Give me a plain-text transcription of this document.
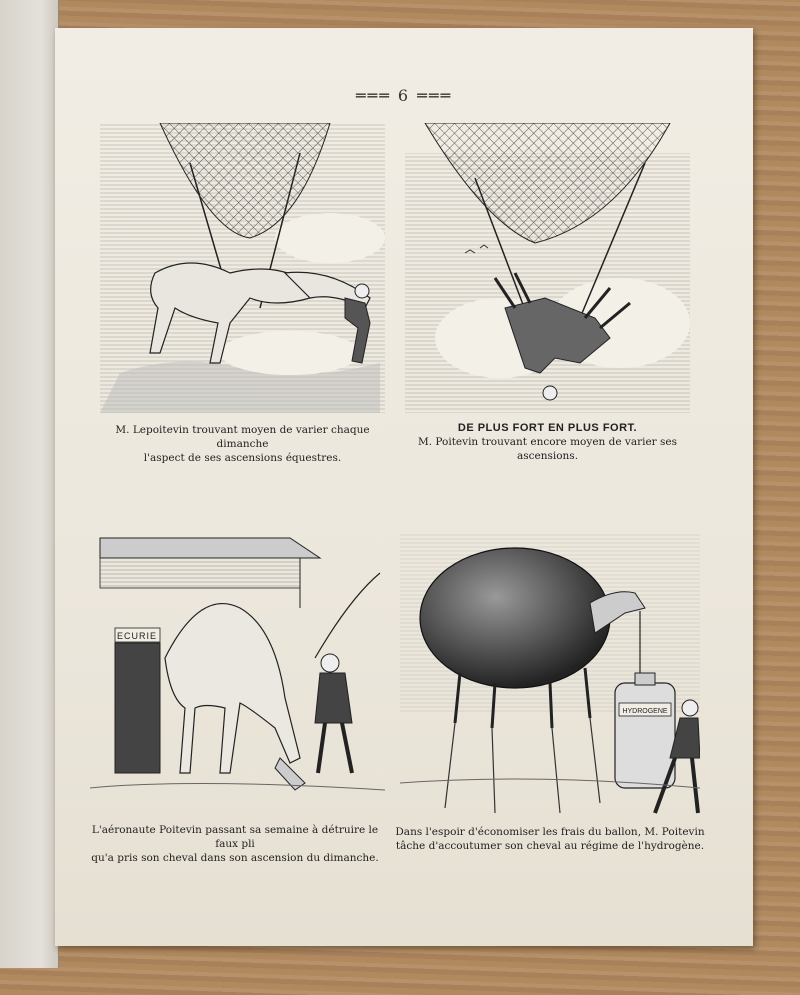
═══ 6 ═══
M. Lepoitevin trouvant moyen de varier chaque dimanche
l'aspect de ses ascensions équestres.
DE PLUS FORT EN PLUS FORT.
M. Poitevin trouvant encore moyen de varier ses ascensions.
ECURIE
L'aéronaute Poitevin passant sa semaine à détruire le faux pli
qu'a pris son cheval dans son ascension du dimanche.
HYDROGENE
Dans l'espoir d'économiser les frais du ballon, M. Poitevin
tâche d'accoutumer son cheval au régime de l'hydrogène.
